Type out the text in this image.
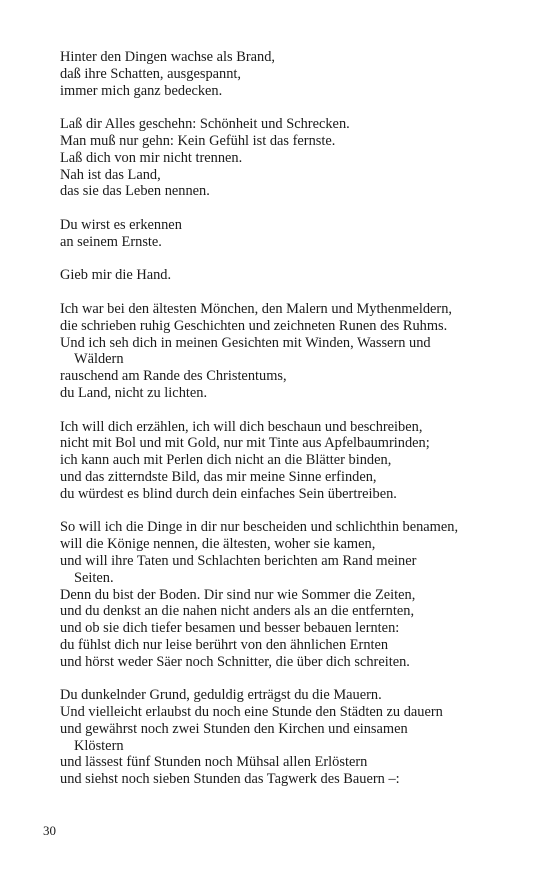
Hinter den Dingen wachse als Brand,
daß ihre Schatten, ausgespannt,
immer mich ganz bedecken.
Laß dir Alles geschehn: Schönheit und Schrecken.
Man muß nur gehn: Kein Gefühl ist das fernste.
Laß dich von mir nicht trennen.
Nah ist das Land,
das sie das Leben nennen.
Du wirst es erkennen
an seinem Ernste.
Gieb mir die Hand.
Ich war bei den ältesten Mönchen, den Malern und Mythenmeldern,
die schrieben ruhig Geschichten und zeichneten Runen des Ruhms.
Und ich seh dich in meinen Gesichten mit Winden, Wassern und
Wäldern
rauschend am Rande des Christentums,
du Land, nicht zu lichten.
Ich will dich erzählen, ich will dich beschaun und beschreiben,
nicht mit Bol und mit Gold, nur mit Tinte aus Apfelbaumrinden;
ich kann auch mit Perlen dich nicht an die Blätter binden,
und das zitterndste Bild, das mir meine Sinne erfinden,
du würdest es blind durch dein einfaches Sein übertreiben.
So will ich die Dinge in dir nur bescheiden und schlichthin benamen,
will die Könige nennen, die ältesten, woher sie kamen,
und will ihre Taten und Schlachten berichten am Rand meiner
Seiten.
Denn du bist der Boden. Dir sind nur wie Sommer die Zeiten,
und du denkst an die nahen nicht anders als an die entfernten,
und ob sie dich tiefer besamen und besser bebauen lernten:
du fühlst dich nur leise berührt von den ähnlichen Ernten
und hörst weder Säer noch Schnitter, die über dich schreiten.
Du dunkelnder Grund, geduldig erträgst du die Mauern.
Und vielleicht erlaubst du noch eine Stunde den Städten zu dauern
und gewährst noch zwei Stunden den Kirchen und einsamen
Klöstern
und lässest fünf Stunden noch Mühsal allen Erlöstern
und siehst noch sieben Stunden das Tagwerk des Bauern –:
30
